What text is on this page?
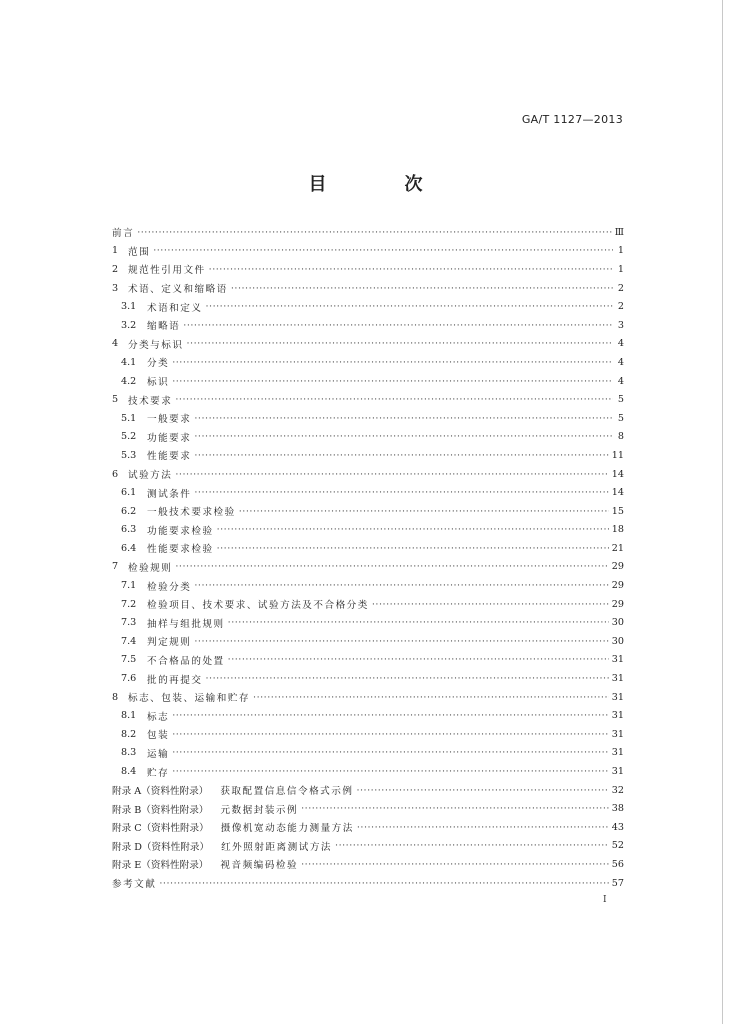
GA/T 1127—2013
目　次
前言 ·····	Ⅲ
1	范围 ·····	1
2	规范性引用文件 ·····	1
3	术语、定义和缩略语 ·····	2
3.1	术语和定义 ·····	2
3.2	缩略语 ·····	3
4	分类与标识 ·····	4
4.1	分类 ·····	4
4.2	标识 ·····	4
5	技术要求 ·····	5
5.1	一般要求 ·····	5
5.2	功能要求 ·····	8
5.3	性能要求 ·····	11
6	试验方法 ·····	14
6.1	测试条件 ·····	14
6.2	一般技术要求检验 ·····	15
6.3	功能要求检验 ·····	18
6.4	性能要求检验 ·····	21
7	检验规则 ·····	29
7.1	检验分类 ·····	29
7.2	检验项目、技术要求、试验方法及不合格分类 ·····	29
7.3	抽样与组批规则 ·····	30
7.4	判定规则 ·····	30
7.5	不合格品的处置 ·····	31
7.6	批的再提交 ·····	31
8	标志、包装、运输和贮存 ·····	31
8.1	标志 ·····	31
8.2	包装 ·····	31
8.3	运输 ·····	31
8.4	贮存 ·····	31
附录 A（资料性附录） 获取配置信息信令格式示例 ·····	32
附录 B（资料性附录） 元数据封装示例 ·····	38
附录 C（资料性附录） 摄像机宽动态能力测量方法 ·····	43
附录 D（资料性附录） 红外照射距离测试方法 ·····	52
附录 E（资料性附录） 视音频编码检验 ·····	56
参考文献 ·····	57
I
